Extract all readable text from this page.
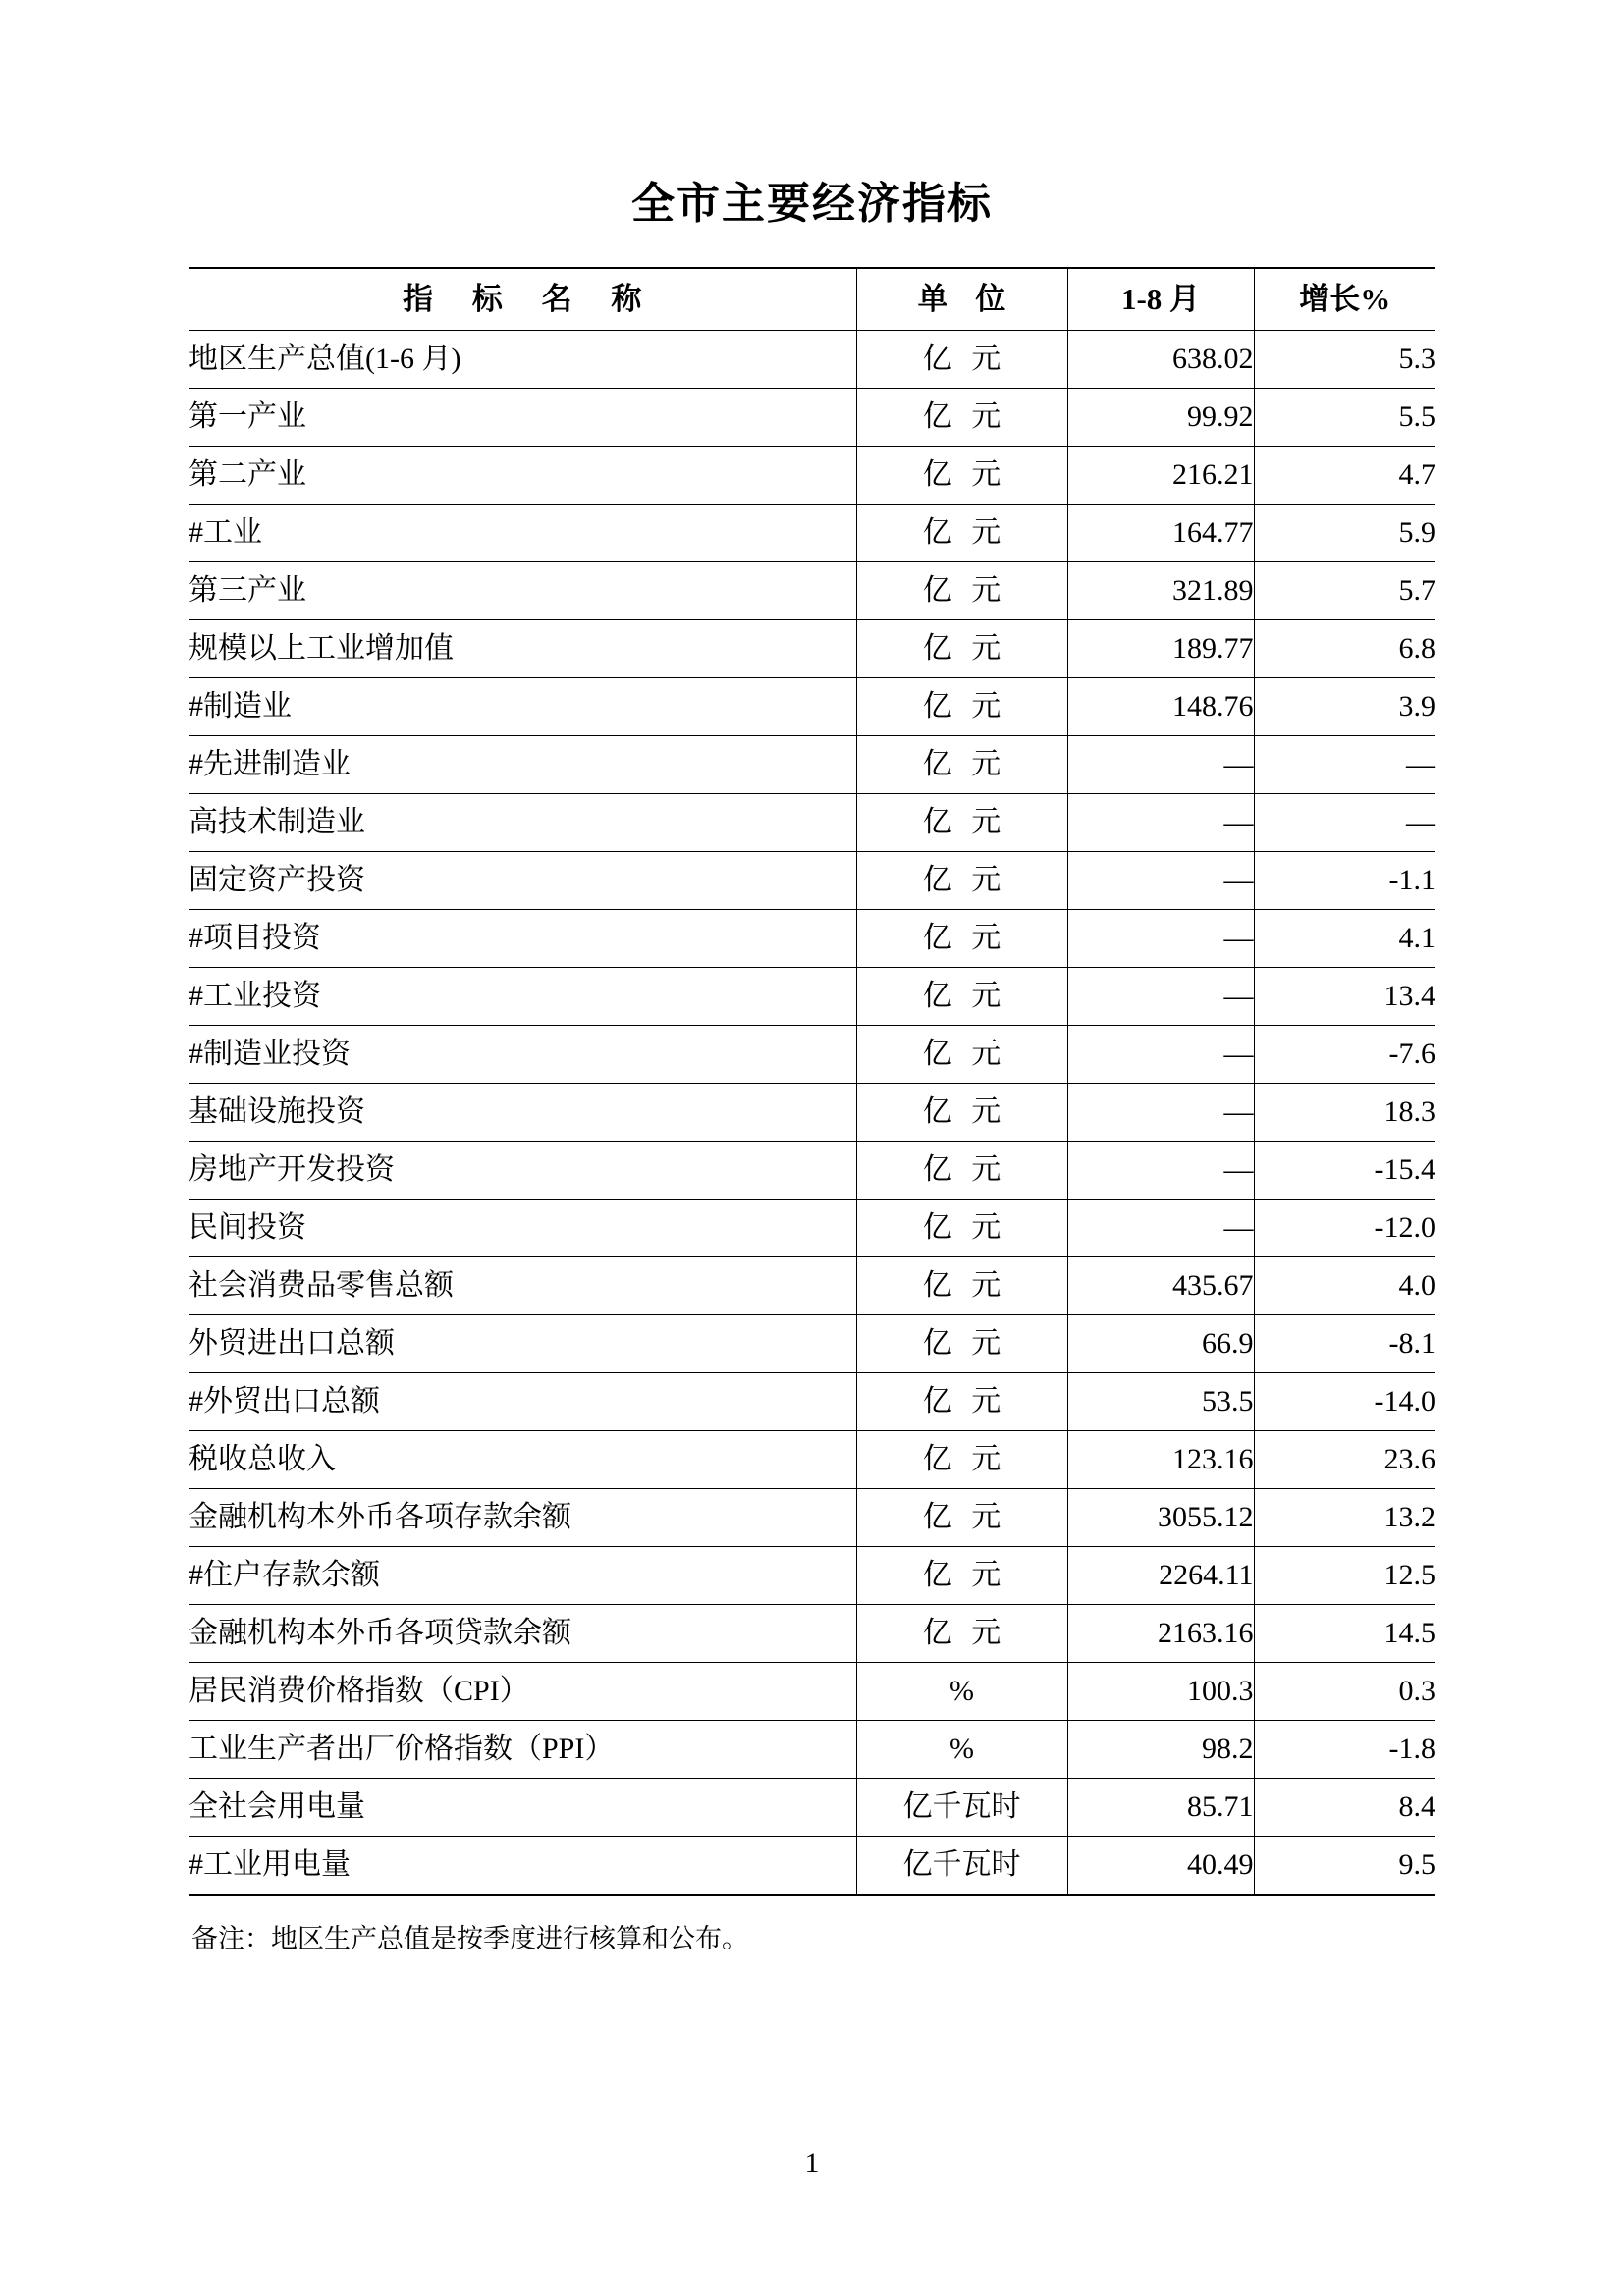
全市主要经济指标
指 标 名 称	单 位	1-8 月	增长%
地区生产总值(1-6 月)	亿 元	638.02	5.3
第一产业	亿 元	99.92	5.5
第二产业	亿 元	216.21	4.7
#工业	亿 元	164.77	5.9
第三产业	亿 元	321.89	5.7
规模以上工业增加值	亿 元	189.77	6.8
#制造业	亿 元	148.76	3.9
#先进制造业	亿 元	—	—
高技术制造业	亿 元	—	—
固定资产投资	亿 元	—	-1.1
#项目投资	亿 元	—	4.1
#工业投资	亿 元	—	13.4
#制造业投资	亿 元	—	-7.6
基础设施投资	亿 元	—	18.3
房地产开发投资	亿 元	—	-15.4
民间投资	亿 元	—	-12.0
社会消费品零售总额	亿 元	435.67	4.0
外贸进出口总额	亿 元	66.9	-8.1
#外贸出口总额	亿 元	53.5	-14.0
税收总收入	亿 元	123.16	23.6
金融机构本外币各项存款余额	亿 元	3055.12	13.2
#住户存款余额	亿 元	2264.11	12.5
金融机构本外币各项贷款余额	亿 元	2163.16	14.5
居民消费价格指数（CPI）	%	100.3	0.3
工业生产者出厂价格指数（PPI）	%	98.2	-1.8
全社会用电量	亿千瓦时	85.71	8.4
#工业用电量	亿千瓦时	40.49	9.5
备注：地区生产总值是按季度进行核算和公布。
1
